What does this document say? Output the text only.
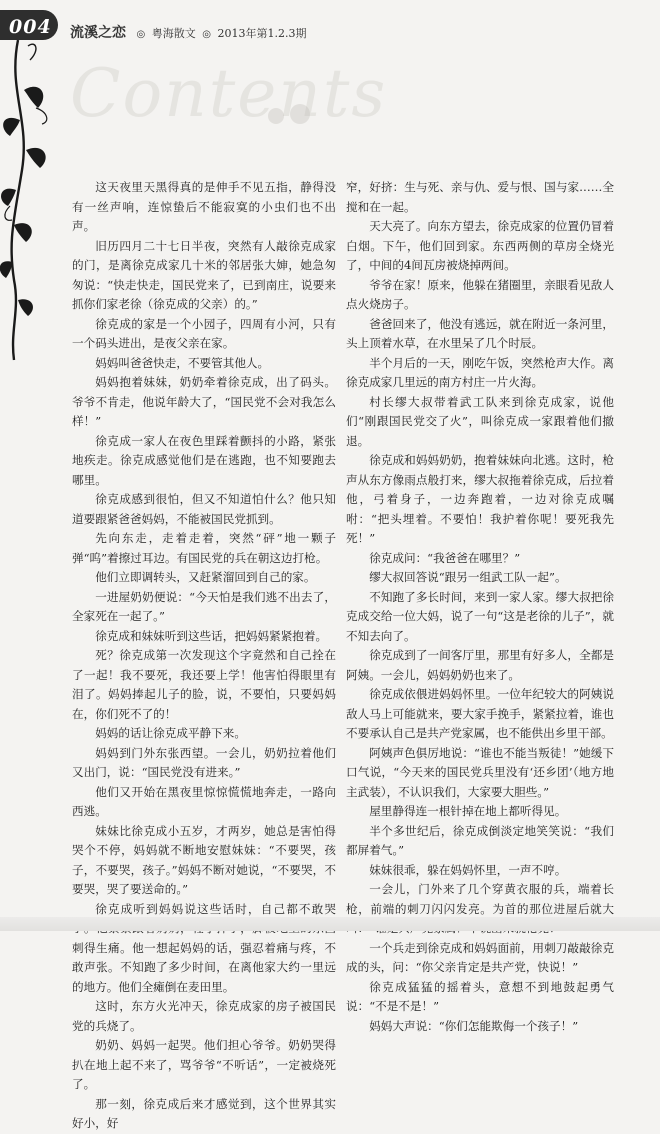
004 流溪之恋 ◎ 粤海散文 ◎ 2013年第1.2.3期
Contents

这天夜里天黑得真的是伸手不见五指，静得没有一丝声响，连惊蛰后不能寂寞的小虫们也不出声。

旧历四月二十七日半夜，突然有人敲徐克成家的门，是离徐克成家几十米的邻居张大婶，她急匆匆说：“快走快走，国民党来了，已到南庄，说要来抓你们家老徐（徐克成的父亲）的。”

徐克成的家是一个小园子，四周有小河，只有一个码头进出，是夜父亲在家。

妈妈叫爸爸快走，不要管其他人。

妈妈抱着妹妹，奶奶牵着徐克成，出了码头。爷爷不肯走，他说年龄大了，“国民党不会对我怎么样！”

徐克成一家人在夜色里踩着颤抖的小路，紧张地疾走。徐克成感觉他们是在逃跑，也不知要跑去哪里。

徐克成感到很怕，但又不知道怕什么？他只知道要跟紧爸爸妈妈，不能被国民党抓到。

先向东走，走着走着，突然“砰”地一颗子弹“呜”着擦过耳边。有国民党的兵在朝这边打枪。

他们立即调转头，又赶紧溜回到自己的家。

一进屋奶奶便说：“今天怕是我们逃不出去了，全家死在一起了。”

徐克成和妹妹听到这些话，把妈妈紧紧抱着。

死？徐克成第一次发现这个字竟然和自己拴在了一起！我不要死，我还要上学！他害怕得眼里有泪了。妈妈捧起儿子的脸，说，不要怕，只要妈妈在，你们死不了的！

妈妈的话让徐克成平静下来。

妈妈到门外东张西望。一会儿，奶奶拉着他们又出门，说：“国民党没有进来。”

他们又开始在黑夜里惊惊慌慌地奔走，一路向西逃。

妹妹比徐克成小五岁，才两岁，她总是害怕得哭个不停，妈妈就不断地安慰妹妹：“不要哭，孩子，不要哭，孩子。”妈妈不断对她说，“不要哭，不要哭，哭了要送命的。”

徐克成听到妈妈说这些话时，自己都不敢哭 刺得生痛。他一想起妈妈的话，强忍着痛与疼，不敢声张。不知跑了多少时间，在离他家大约一里远的地方。他们全瘫倒在麦田里。

这时，东方火光冲天，徐克成家的房子被国民党的兵烧了。

奶奶、妈妈一起哭。他们担心爷爷。奶奶哭得扒在地上起不来了，骂爷爷“不听话”，一定被烧死了。

那一刻，徐克成后来才感觉到，这个世界其实好小，好

窄，好挤：生与死、亲与仇、爱与恨、国与家……全搅和在一起。

天大亮了。向东方望去，徐克成家的位置仍冒着白烟。下午，他们回到家。东西两侧的草房全烧光了，中间的4间瓦房被烧掉两间。

爷爷在家！原来，他躲在猪圈里，亲眼看见敌人点火烧房子。

爸爸回来了，他没有逃远，就在附近一条河里，头上顶着水草，在水里呆了几个时辰。

半个月后的一天，刚吃午饭，突然枪声大作。离徐克成家几里远的南方村庄一片火海。

村长缪大叔带着武工队来到徐克成家，说他们“刚跟国民党交了火”，叫徐克成一家跟着他们撤退。

徐克成和妈妈奶奶，抱着妹妹向北逃。这时，枪声从东方像雨点般打来，缪大叔拖着徐克成，后拉着他，弓着身子，一边奔跑着，一边对徐克成嘱咐：“把头埋着。不要怕！我护着你呢！要死我先死！”

徐克成问：“我爸爸在哪里？”

缪大叔回答说“跟另一组武工队一起”。

不知跑了多长时间，来到一家人家。缪大叔把徐克成交给一位大妈，说了一句“这是老徐的儿子”，就不知去向了。

徐克成到了一间客厅里，那里有好多人，全都是阿姨。一会儿，妈妈奶奶也来了。

徐克成依偎进妈妈怀里。一位年纪较大的阿姨说敌人马上可能就来，要大家手挽手，紧紧拉着，谁也不要承认自己是共产党家属，也不能供出乡里干部。

阿姨声色俱厉地说：“谁也不能当叛徒！”她缓下口气说，“今天来的国民党兵里没有‘还乡团’（地方地主武装），不认识我们，大家要大胆些。”

屋里静得连一根针掉在地上都听得见。

半个多世纪后，徐克成倒淡定地笑笑说：“我们都屏着气。”

妹妹很乖，躲在妈妈怀里，一声不哼。

一会儿，门外来了几个穿黄衣服的兵，端着长枪，前端的刺刀闪闪发亮。为首的那位进屋后就大

一个兵走到徐克成和妈妈面前，用刺刀敲敲徐克成的头，问：“你父亲肯定是共产党，快说！”

徐克成猛猛的摇着头，意想不到地鼓起勇气说：“不是不是！”

妈妈大声说：“你们怎能欺侮一个孩子！”
